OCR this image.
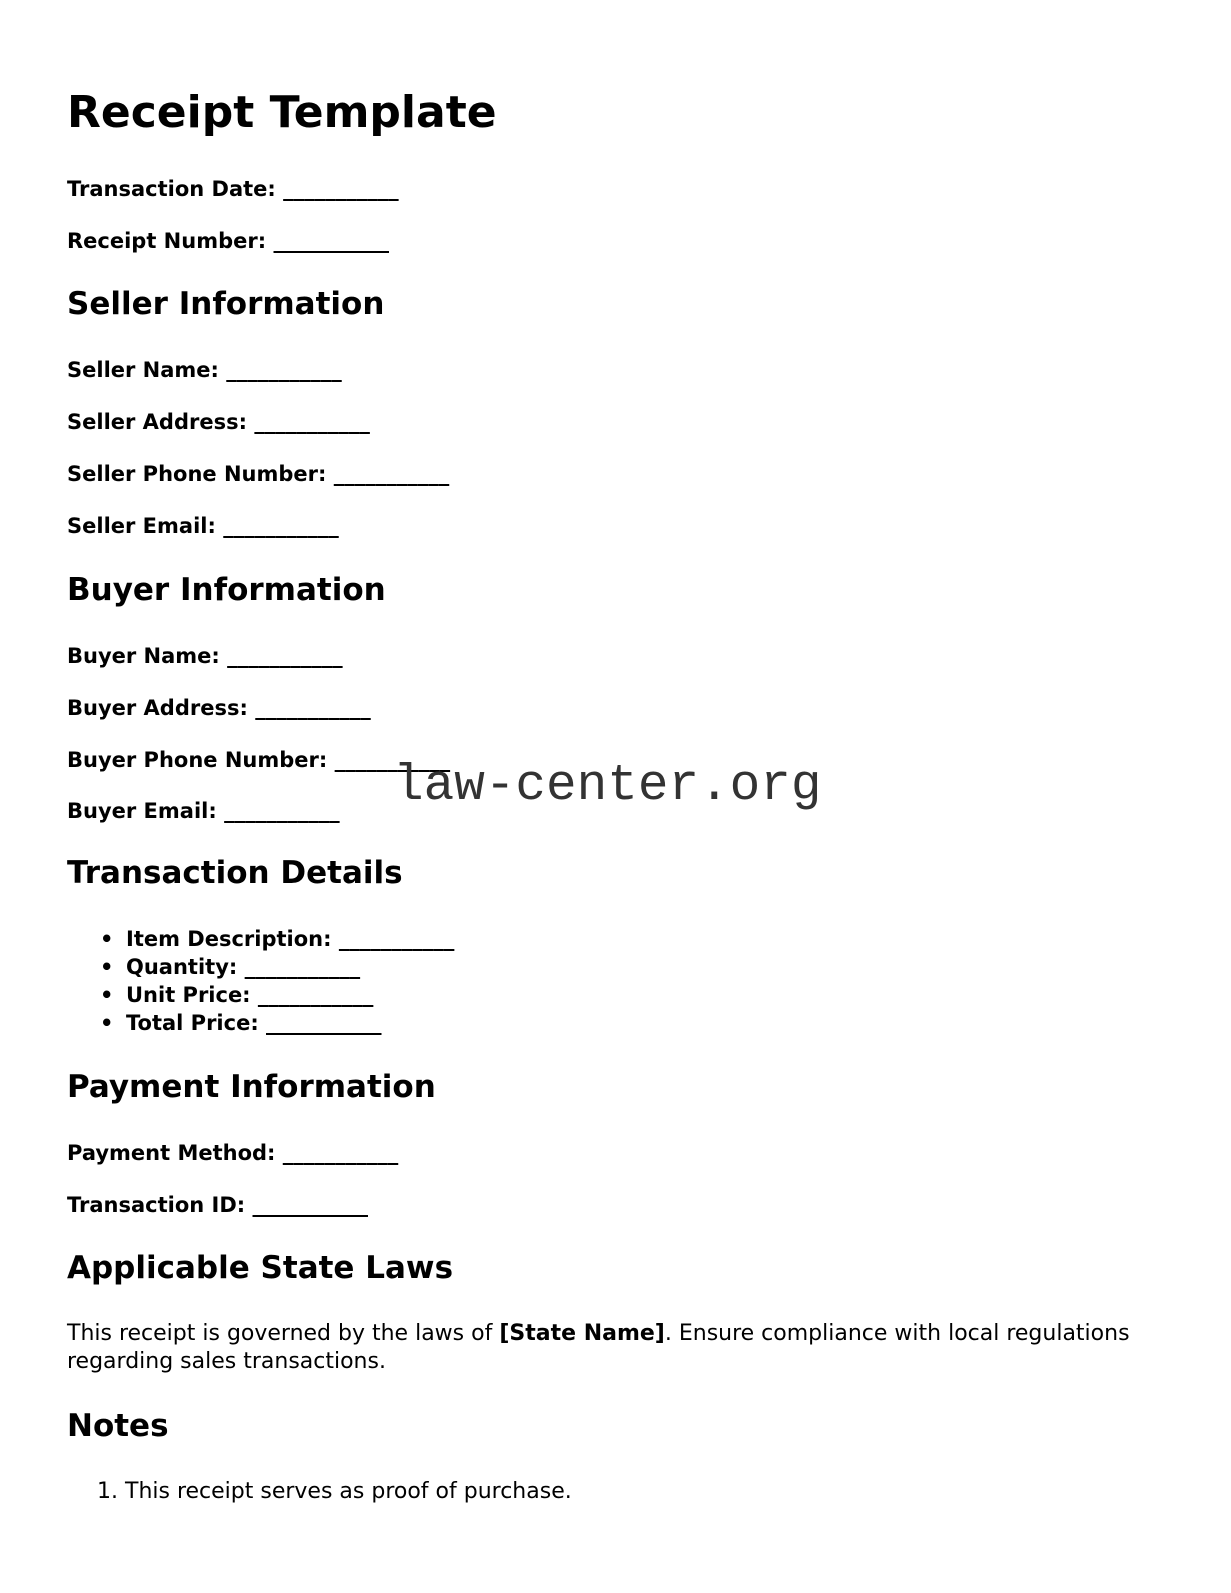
Receipt Template

Transaction Date: ___________

Receipt Number: ___________

Seller Information

Seller Name: ___________

Seller Address: ___________

Seller Phone Number: ___________

Seller Email: ___________

Buyer Information

Buyer Name: ___________

Buyer Address: ___________

Buyer Phone Number: ___________

Buyer Email: ___________

Transaction Details
• Item Description: ___________
• Quantity: ___________
• Unit Price: ___________
• Total Price: ___________
Payment Information

Payment Method: ___________

Transaction ID: ___________

Applicable State Laws

This receipt is governed by the laws of [State Name]. Ensure compliance with local regulations regarding sales transactions.

Notes
1. This receipt serves as proof of purchase.
law-center.org
